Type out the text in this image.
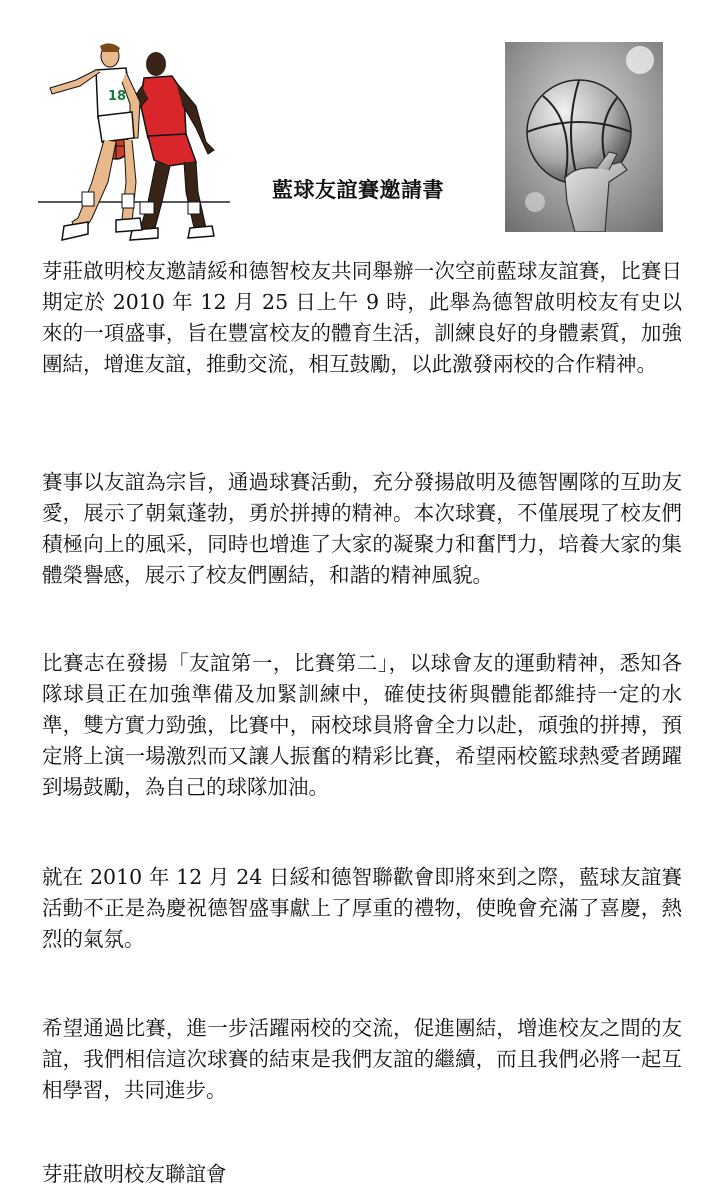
18
藍球友誼賽邀請書

芽莊啟明校友邀請綏和德智校友共同舉辦一次空前藍球友誼賽，比賽日期定於 2010 年 12 月 25 日上午 9 時，此舉為德智啟明校友有史以來的一項盛事，旨在豐富校友的體育生活，訓練良好的身體素質，加強團結，增進友誼，推動交流，相互鼓勵，以此激發兩校的合作精神。

賽事以友誼為宗旨，通過球賽活動，充分發揚啟明及德智團隊的互助友愛，展示了朝氣蓬勃，勇於拼搏的精神。本次球賽，不僅展現了校友們積極向上的風采，同時也增進了大家的凝聚力和奮鬥力，培養大家的集體榮譽感，展示了校友們團結，和諧的精神風貌。

比賽志在發揚「友誼第一，比賽第二」，以球會友的運動精神，悉知各隊球員正在加強準備及加緊訓練中，確使技術與體能都維持一定的水準，雙方實力勁強，比賽中，兩校球員將會全力以赴，頑強的拼搏，預定將上演一場激烈而又讓人振奮的精彩比賽，希望兩校籃球熱愛者踴躍到場鼓勵，為自己的球隊加油。

就在 2010 年 12 月 24 日綏和德智聯歡會即將來到之際，藍球友誼賽活動不正是為慶祝德智盛事獻上了厚重的禮物，使晚會充滿了喜慶，熱烈的氣氛。

希望通過比賽，進一步活躍兩校的交流，促進團結，增進校友之間的友誼，我們相信這次球賽的結束是我們友誼的繼續，而且我們必將一起互相學習，共同進步。

芽莊啟明校友聯誼會
